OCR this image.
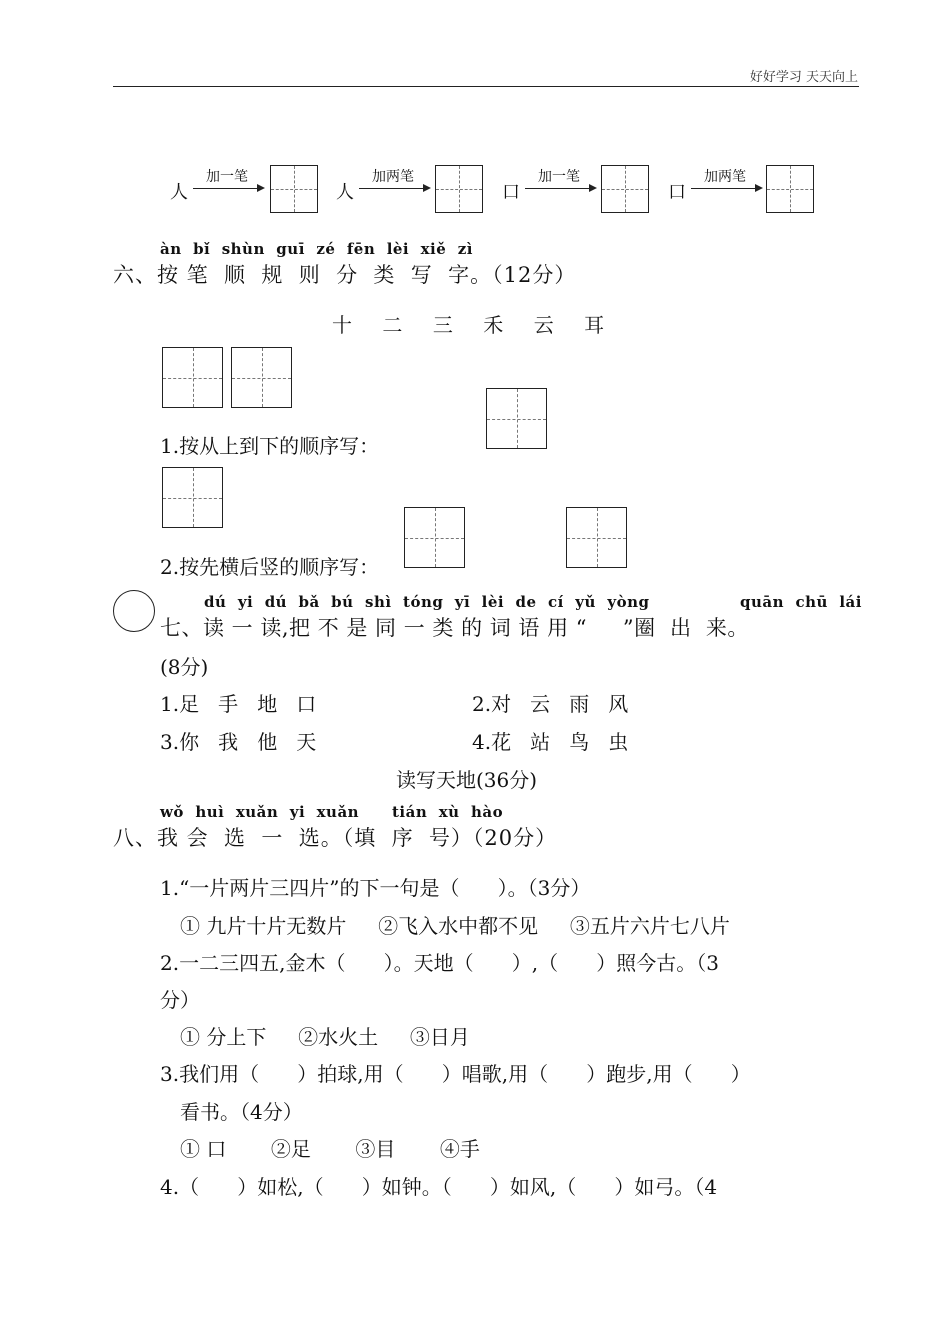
好好学习 天天向上
人
加一笔
人
加两笔
口
加一笔
口
加两笔
àn  bǐ  shùn  guī  zé  fēn  lèi  xiě  zì
六、按 笔  顺  规  则  分  类  写  字。（12分）
十    二    三    禾    云    耳
1.按从上到下的顺序写：
2.按先横后竖的顺序写：
dú  yi  dú  bǎ  bú  shì  tóng  yī  lèi  de  cí  yǔ  yòng	quān  chū  lái
七、读 一 读,把 不 是 同 一 类 的 词 语 用 “     ”圈  出  来。
(8分)
1.足   手   地   口	2.对   云   雨   风
3.你   我   他   天	4.花   站   鸟   虫
读写天地(36分)
wǒ  huì  xuǎn  yi  xuǎn tián  xù  hào
八、我 会  选  一  选。（填  序  号）（20分）
1.“一片两片三四片”的下一句是（      ）。（3分）
① 九片十片无数片     ②飞入水中都不见     ③五片六片七八片
2.一二三四五,金木（      ）。天地（      ）,（      ）照今古。（3
分）
① 分上下     ②水火土     ③日月
3.我们用（      ）拍球,用（      ）唱歌,用（      ）跑步,用（      ）
看书。（4分）
① 口       ②足       ③目       ④手
4.（      ）如松,（      ）如钟。（      ）如风,（      ）如弓。（4
